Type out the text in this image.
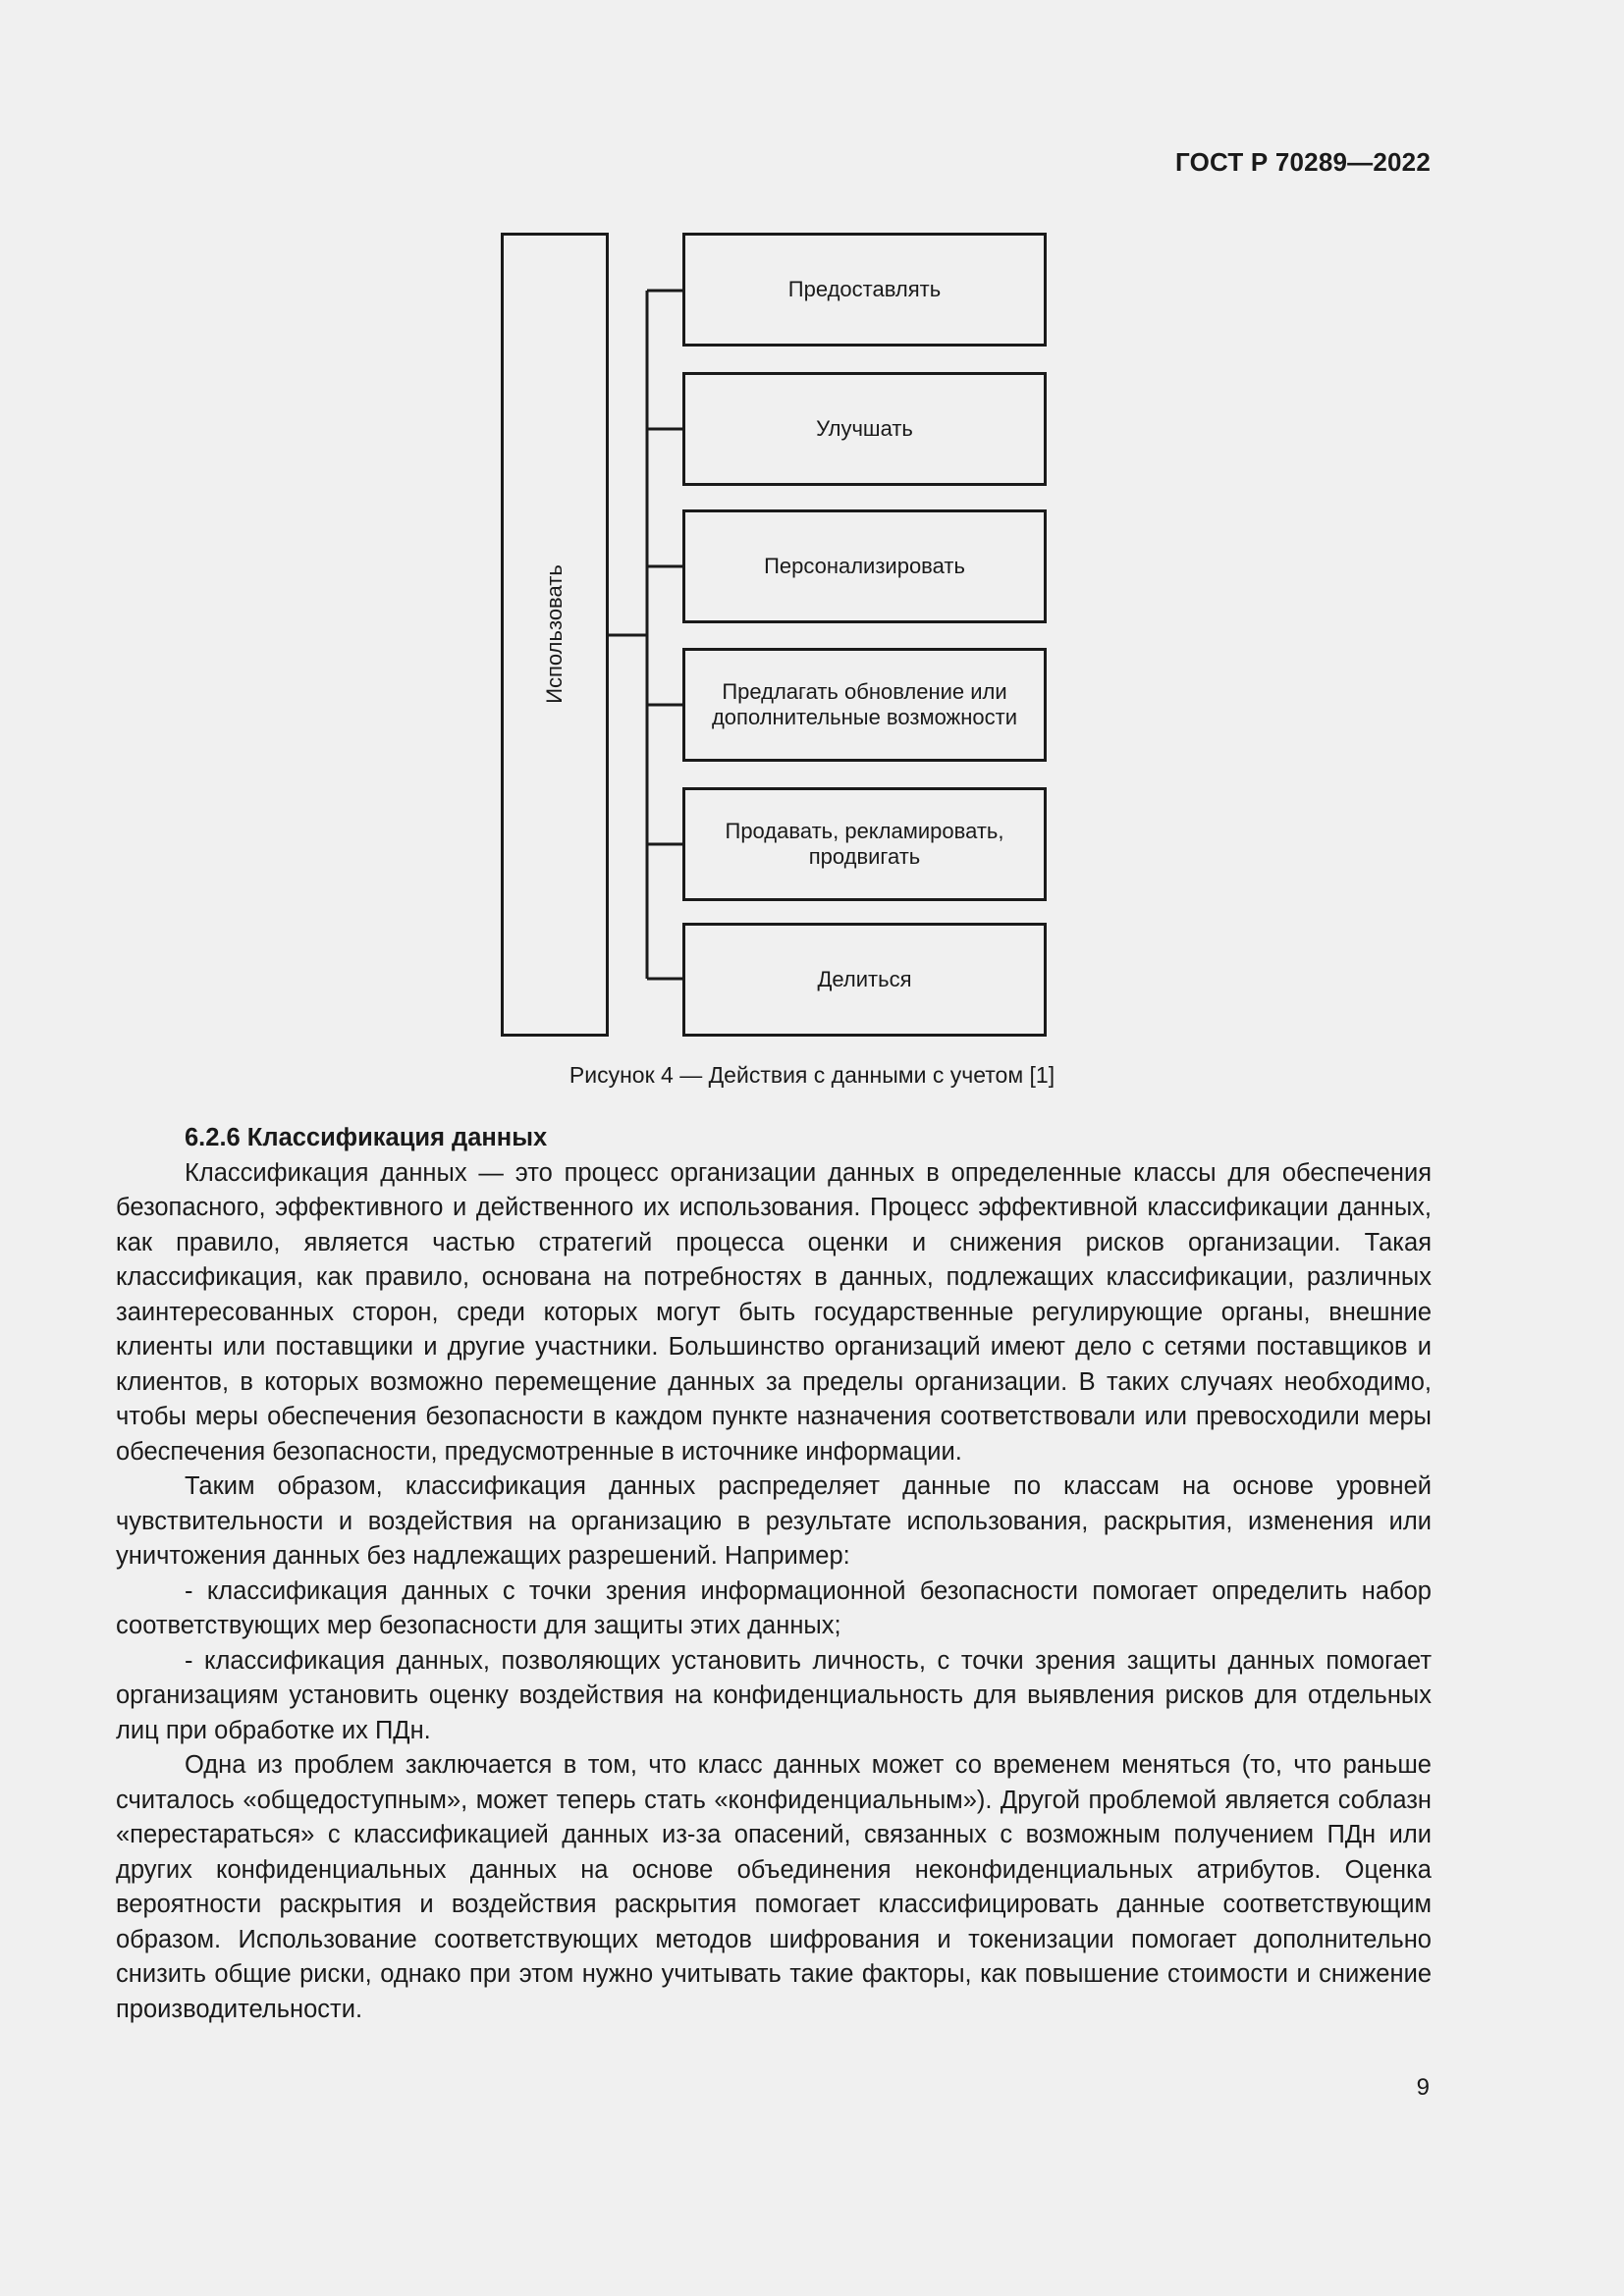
ГОСТ Р 70289—2022
Использовать
Предоставлять
Улучшать
Персонализировать
Предлагать обновление или дополнительные возможности
Продавать, рекламировать, продвигать
Делиться
Рисунок 4 — Действия с данными с учетом [1]

6.2.6 Классификация данных

Классификация данных — это процесс организации данных в определенные классы для обеспечения безопасного, эффективного и действенного их использования. Процесс эффективной классификации данных, как правило, является частью стратегий процесса оценки и снижения рисков организации. Такая классификация, как правило, основана на потребностях в данных, подлежащих классификации, различных заинтересованных сторон, среди которых могут быть государственные регулирующие органы, внешние клиенты или поставщики и другие участники. Большинство организаций имеют дело с сетями поставщиков и клиентов, в которых возможно перемещение данных за пределы организации. В таких случаях необходимо, чтобы меры обеспечения безопасности в каждом пункте назначения соответствовали или превосходили меры обеспечения безопасности, предусмотренные в источнике информации.

Таким образом, классификация данных распределяет данные по классам на основе уровней чувствительности и воздействия на организацию в результате использования, раскрытия, изменения или уничтожения данных без надлежащих разрешений. Например:

- классификация данных с точки зрения информационной безопасности помогает определить набор соответствующих мер безопасности для защиты этих данных;

- классификация данных, позволяющих установить личность, с точки зрения защиты данных помогает организациям установить оценку воздействия на конфиденциальность для выявления рисков для отдельных лиц при обработке их ПДн.

Одна из проблем заключается в том, что класс данных может со временем меняться (то, что раньше считалось «общедоступным», может теперь стать «конфиденциальным»). Другой проблемой является соблазн «перестараться» с классификацией данных из-за опасений, связанных с возможным получением ПДн или других конфиденциальных данных на основе объединения неконфиденциальных атрибутов. Оценка вероятности раскрытия и воздействия раскрытия помогает классифицировать данные соответствующим образом. Использование соответствующих методов шифрования и токенизации помогает дополнительно снизить общие риски, однако при этом нужно учитывать такие факторы, как повышение стоимости и снижение производительности.

9
